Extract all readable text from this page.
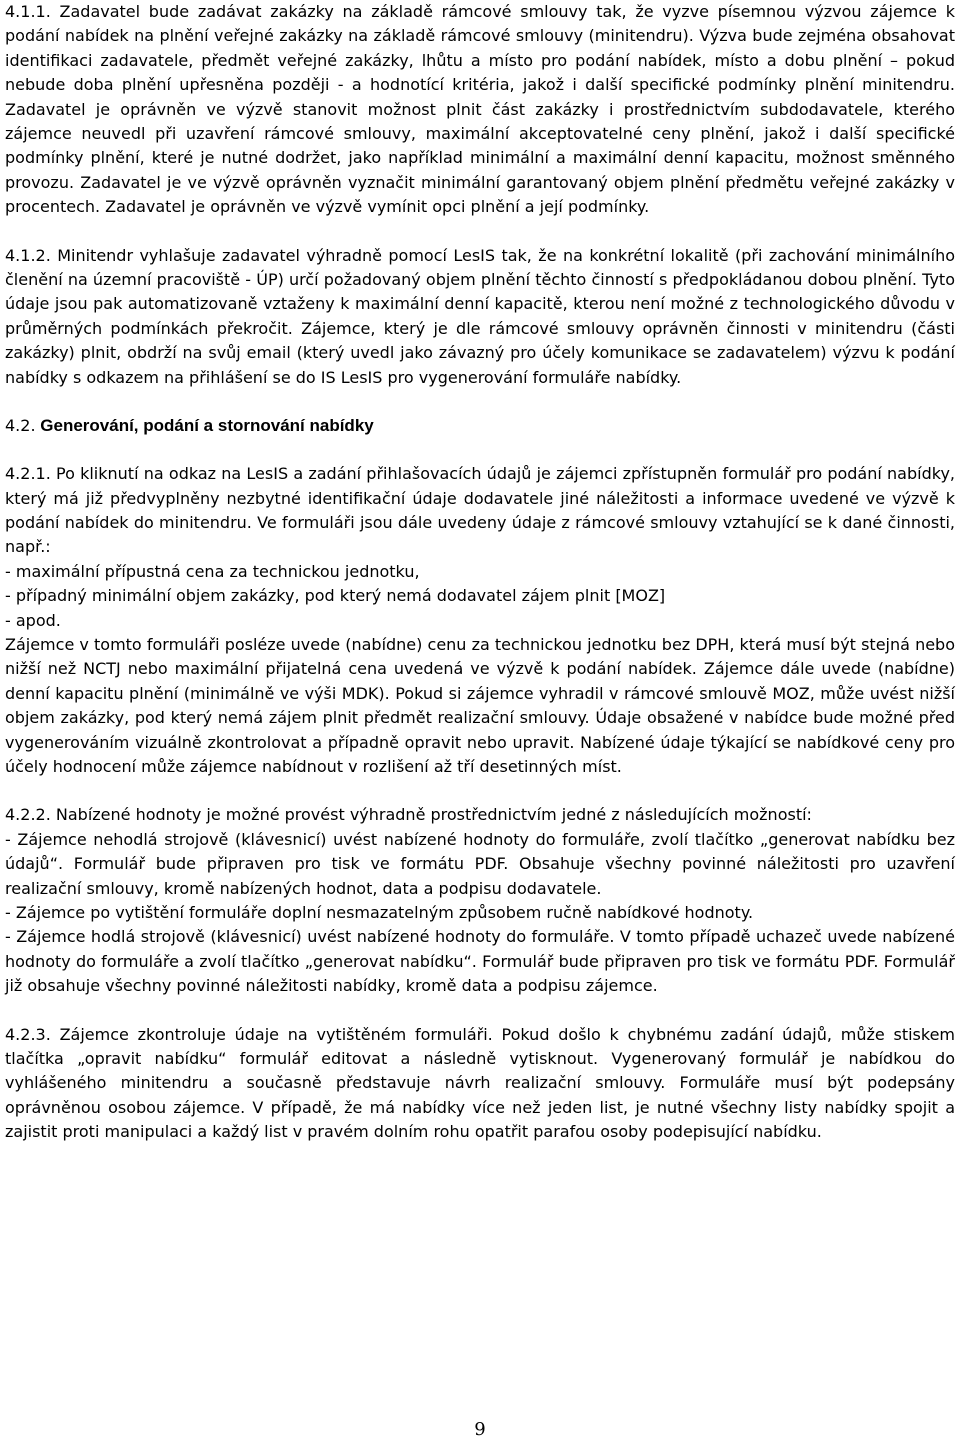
4.1.1. Zadavatel bude zadávat zakázky na základě rámcové smlouvy tak, že vyzve písemnou výzvou zájemce k podání nabídek na plnění veřejné zakázky na základě rámcové smlouvy (minitendru). Výzva bude zejména obsahovat identifikaci zadavatele, předmět veřejné zakázky, lhůtu a místo pro podání nabídek, místo a dobu plnění – pokud nebude doba plnění upřesněna později - a hodnotící kritéria, jakož i další specifické podmínky plnění minitendru. Zadavatel je oprávněn ve výzvě stanovit možnost plnit část zakázky i prostřednictvím subdodavatele, kterého zájemce neuvedl při uzavření rámcové smlouvy, maximální akceptovatelné ceny plnění, jakož i další specifické podmínky plnění, které je nutné dodržet, jako například minimální a maximální denní kapacitu, možnost směnného provozu. Zadavatel je ve výzvě oprávněn vyznačit minimální garantovaný objem plnění předmětu veřejné zakázky v procentech. Zadavatel je oprávněn ve výzvě vymínit opci plnění a její podmínky.

4.1.2. Minitendr vyhlašuje zadavatel výhradně pomocí LesIS tak, že na konkrétní lokalitě (při zachování minimálního členění na územní pracoviště - ÚP) určí požadovaný objem plnění těchto činností s předpokládanou dobou plnění. Tyto údaje jsou pak automatizovaně vztaženy k maximální denní kapacitě, kterou není možné z technologického důvodu v průměrných podmínkách překročit. Zájemce, který je dle rámcové smlouvy oprávněn činnosti v minitendru (části zakázky) plnit, obdrží na svůj email (který uvedl jako závazný pro účely komunikace se zadavatelem) výzvu k podání nabídky s odkazem na přihlášení se do IS LesIS pro vygenerování formuláře nabídky.

4.2. Generování, podání a stornování nabídky

4.2.1. Po kliknutí na odkaz na LesIS a zadání přihlašovacích údajů je zájemci zpřístupněn formulář pro podání nabídky, který má již předvyplněny nezbytné identifikační údaje dodavatele jiné náležitosti a informace uvedené ve výzvě k podání nabídek do minitendru. Ve formuláři jsou dále uvedeny údaje z rámcové smlouvy vztahující se k dané činnosti, např.:

- maximální přípustná cena za technickou jednotku,

- případný minimální objem zakázky, pod který nemá dodavatel zájem plnit [MOZ]

- apod.

Zájemce v tomto formuláři posléze uvede (nabídne) cenu za technickou jednotku bez DPH, která musí být stejná nebo nižší než NCTJ nebo maximální přijatelná cena uvedená ve výzvě k podání nabídek. Zájemce dále uvede (nabídne) denní kapacitu plnění (minimálně ve výši MDK). Pokud si zájemce vyhradil v rámcové smlouvě MOZ, může uvést nižší objem zakázky, pod který nemá zájem plnit předmět realizační smlouvy. Údaje obsažené v nabídce bude možné před vygenerováním vizuálně zkontrolovat a případně opravit nebo upravit. Nabízené údaje týkající se nabídkové ceny pro účely hodnocení může zájemce nabídnout v rozlišení až tří desetinných míst.

4.2.2. Nabízené hodnoty je možné provést výhradně prostřednictvím jedné z následujících možností:

- Zájemce nehodlá strojově (klávesnicí) uvést nabízené hodnoty do formuláře, zvolí tlačítko „generovat nabídku bez údajů“. Formulář bude připraven pro tisk ve formátu PDF. Obsahuje všechny povinné náležitosti pro uzavření realizační smlouvy, kromě nabízených hodnot, data a podpisu dodavatele.

- Zájemce po vytištění formuláře doplní nesmazatelným způsobem ručně nabídkové hodnoty.

- Zájemce hodlá strojově (klávesnicí) uvést nabízené hodnoty do formuláře. V tomto případě uchazeč uvede nabízené hodnoty do formuláře a zvolí tlačítko „generovat nabídku“. Formulář bude připraven pro tisk ve formátu PDF. Formulář již obsahuje všechny povinné náležitosti nabídky, kromě data a podpisu zájemce.

4.2.3. Zájemce zkontroluje údaje na vytištěném formuláři. Pokud došlo k chybnému zadání údajů, může stiskem tlačítka „opravit nabídku“ formulář editovat a následně vytisknout. Vygenerovaný formulář je nabídkou do vyhlášeného minitendru a současně představuje návrh realizační smlouvy. Formuláře musí být podepsány oprávněnou osobou zájemce. V případě, že má nabídky více než jeden list, je nutné všechny listy nabídky spojit a zajistit proti manipulaci a každý list v pravém dolním rohu opatřit parafou osoby podepisující nabídku.

9
